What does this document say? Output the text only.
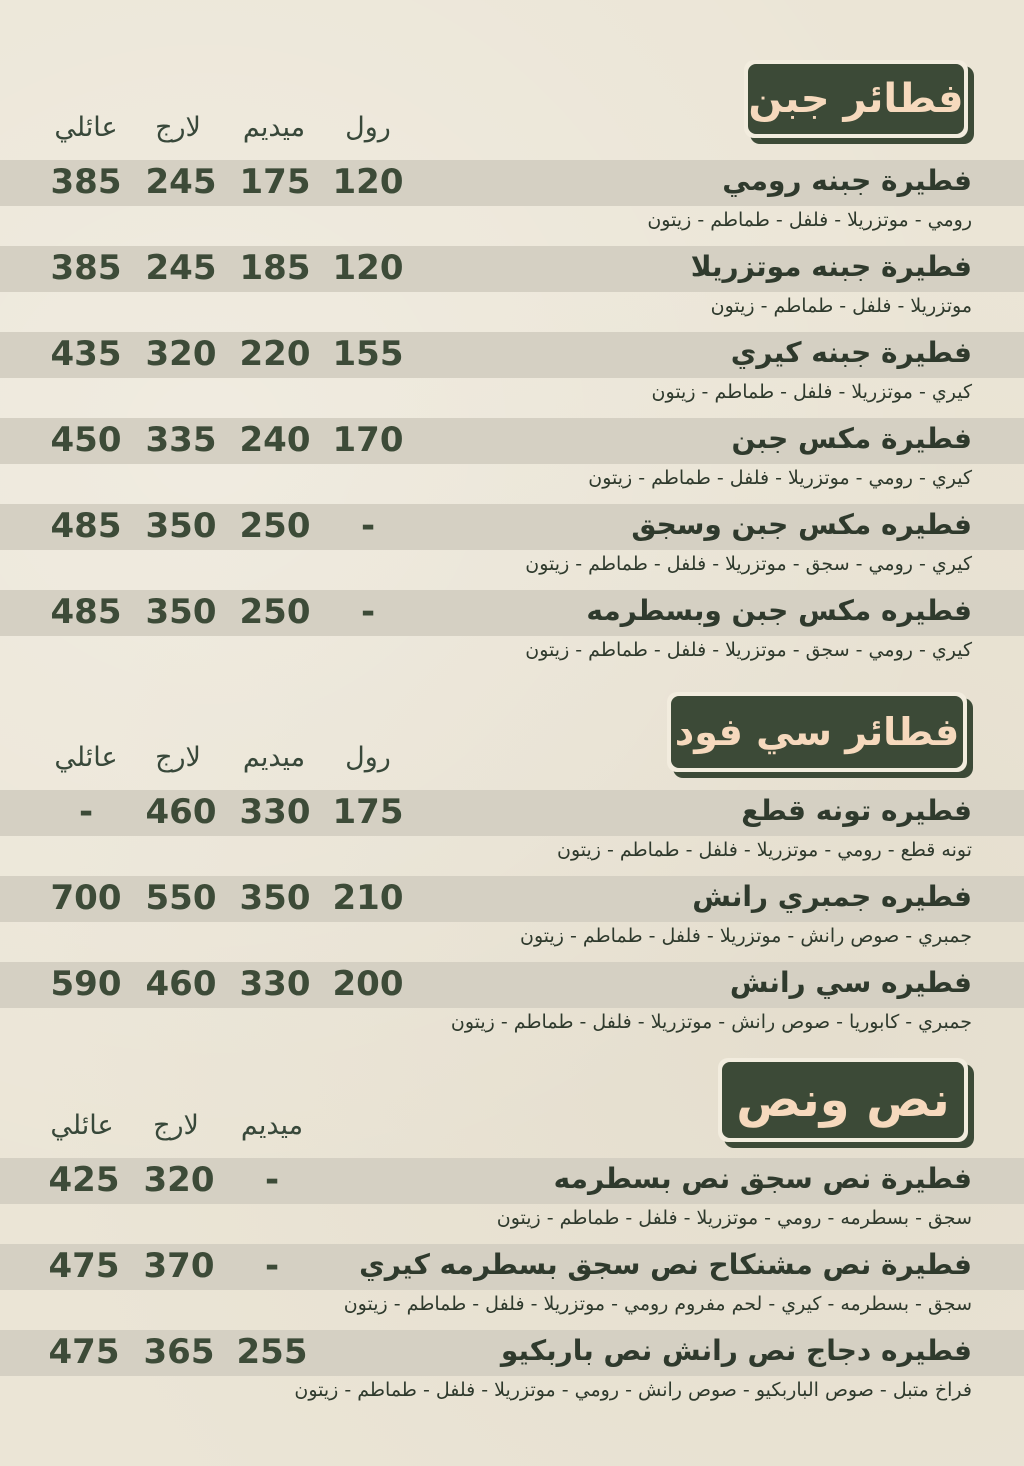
فطائر جبن
رول
ميديم
لارج
عائلي
فطيرة جبنه رومي
120
175
245
385
رومي - موتزريلا - فلفل - طماطم - زيتون
فطيرة جبنه موتزريلا
120
185
245
385
موتزريلا - فلفل - طماطم - زيتون
فطيرة جبنه كيري
155
220
320
435
كيري - موتزريلا - فلفل - طماطم - زيتون
فطيرة مكس جبن
170
240
335
450
كيري - رومي - موتزريلا - فلفل - طماطم - زيتون
فطيره مكس جبن وسجق
-
250
350
485
كيري - رومي - سجق - موتزريلا - فلفل - طماطم - زيتون
فطيره مكس جبن وبسطرمه
-
250
350
485
كيري - رومي - سجق - موتزريلا - فلفل - طماطم - زيتون
فطائر سي فود
رول
ميديم
لارج
عائلي
فطيره تونه قطع
175
330
460
-
تونه قطع - رومي - موتزريلا - فلفل - طماطم - زيتون
فطيره جمبري رانش
210
350
550
700
جمبري - صوص رانش - موتزريلا - فلفل - طماطم - زيتون
فطيره سي رانش
200
330
460
590
جمبري - كابوريا - صوص رانش - موتزريلا - فلفل - طماطم - زيتون
نص ونص
ميديم
لارج
عائلي
فطيرة نص سجق نص بسطرمه
-
320
425
سجق - بسطرمه - رومي - موتزريلا - فلفل - طماطم - زيتون
فطيرة نص مشنكاح نص سجق بسطرمه كيري
-
370
475
سجق - بسطرمه - كيري - لحم مفروم رومي - موتزريلا - فلفل - طماطم - زيتون
فطيره دجاج نص رانش نص باربكيو
255
365
475
فراخ متبل - صوص الباربكيو - صوص رانش - رومي - موتزريلا - فلفل - طماطم - زيتون
